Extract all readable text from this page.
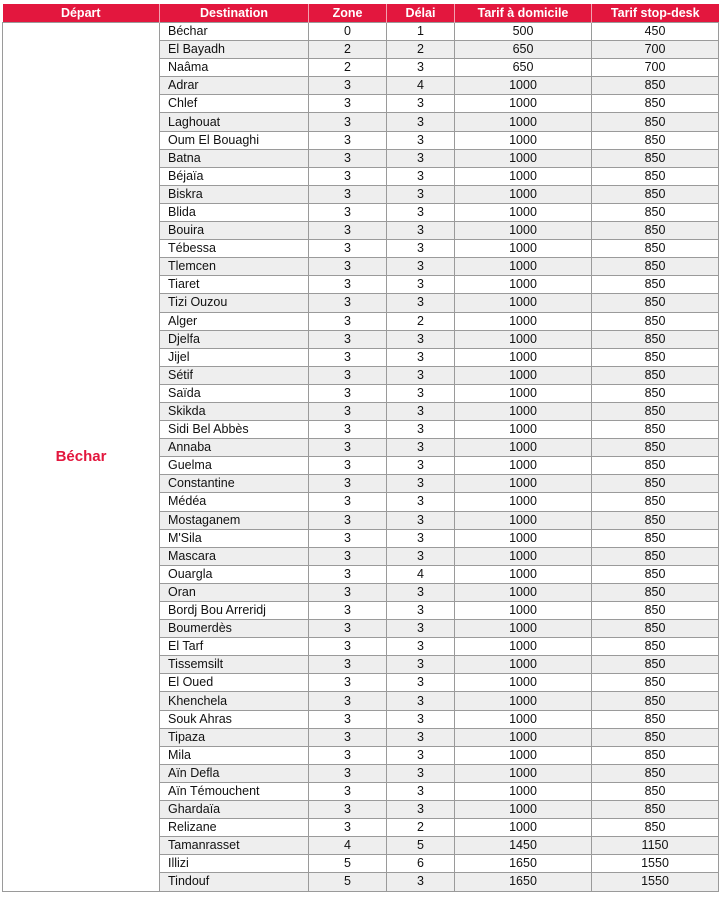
Départ	Destination	Zone	Délai	Tarif à domicile	Tarif stop-desk
Béchar	Béchar	0	1	500	450
	El Bayadh	2	2	650	700
	Naâma	2	3	650	700
	Adrar	3	4	1000	850
	Chlef	3	3	1000	850
	Laghouat	3	3	1000	850
	Oum El Bouaghi	3	3	1000	850
	Batna	3	3	1000	850
	Béjaïa	3	3	1000	850
	Biskra	3	3	1000	850
	Blida	3	3	1000	850
	Bouira	3	3	1000	850
	Tébessa	3	3	1000	850
	Tlemcen	3	3	1000	850
	Tiaret	3	3	1000	850
	Tizi Ouzou	3	3	1000	850
	Alger	3	2	1000	850
	Djelfa	3	3	1000	850
	Jijel	3	3	1000	850
	Sétif	3	3	1000	850
	Saïda	3	3	1000	850
	Skikda	3	3	1000	850
	Sidi Bel Abbès	3	3	1000	850
	Annaba	3	3	1000	850
	Guelma	3	3	1000	850
	Constantine	3	3	1000	850
	Médéa	3	3	1000	850
	Mostaganem	3	3	1000	850
	M'Sila	3	3	1000	850
	Mascara	3	3	1000	850
	Ouargla	3	4	1000	850
	Oran	3	3	1000	850
	Bordj Bou Arreridj	3	3	1000	850
	Boumerdès	3	3	1000	850
	El Tarf	3	3	1000	850
	Tissemsilt	3	3	1000	850
	El Oued	3	3	1000	850
	Khenchela	3	3	1000	850
	Souk Ahras	3	3	1000	850
	Tipaza	3	3	1000	850
	Mila	3	3	1000	850
	Aïn Defla	3	3	1000	850
	Aïn Témouchent	3	3	1000	850
	Ghardaïa	3	3	1000	850
	Relizane	3	2	1000	850
	Tamanrasset	4	5	1450	1150
	Illizi	5	6	1650	1550
	Tindouf	5	3	1650	1550
